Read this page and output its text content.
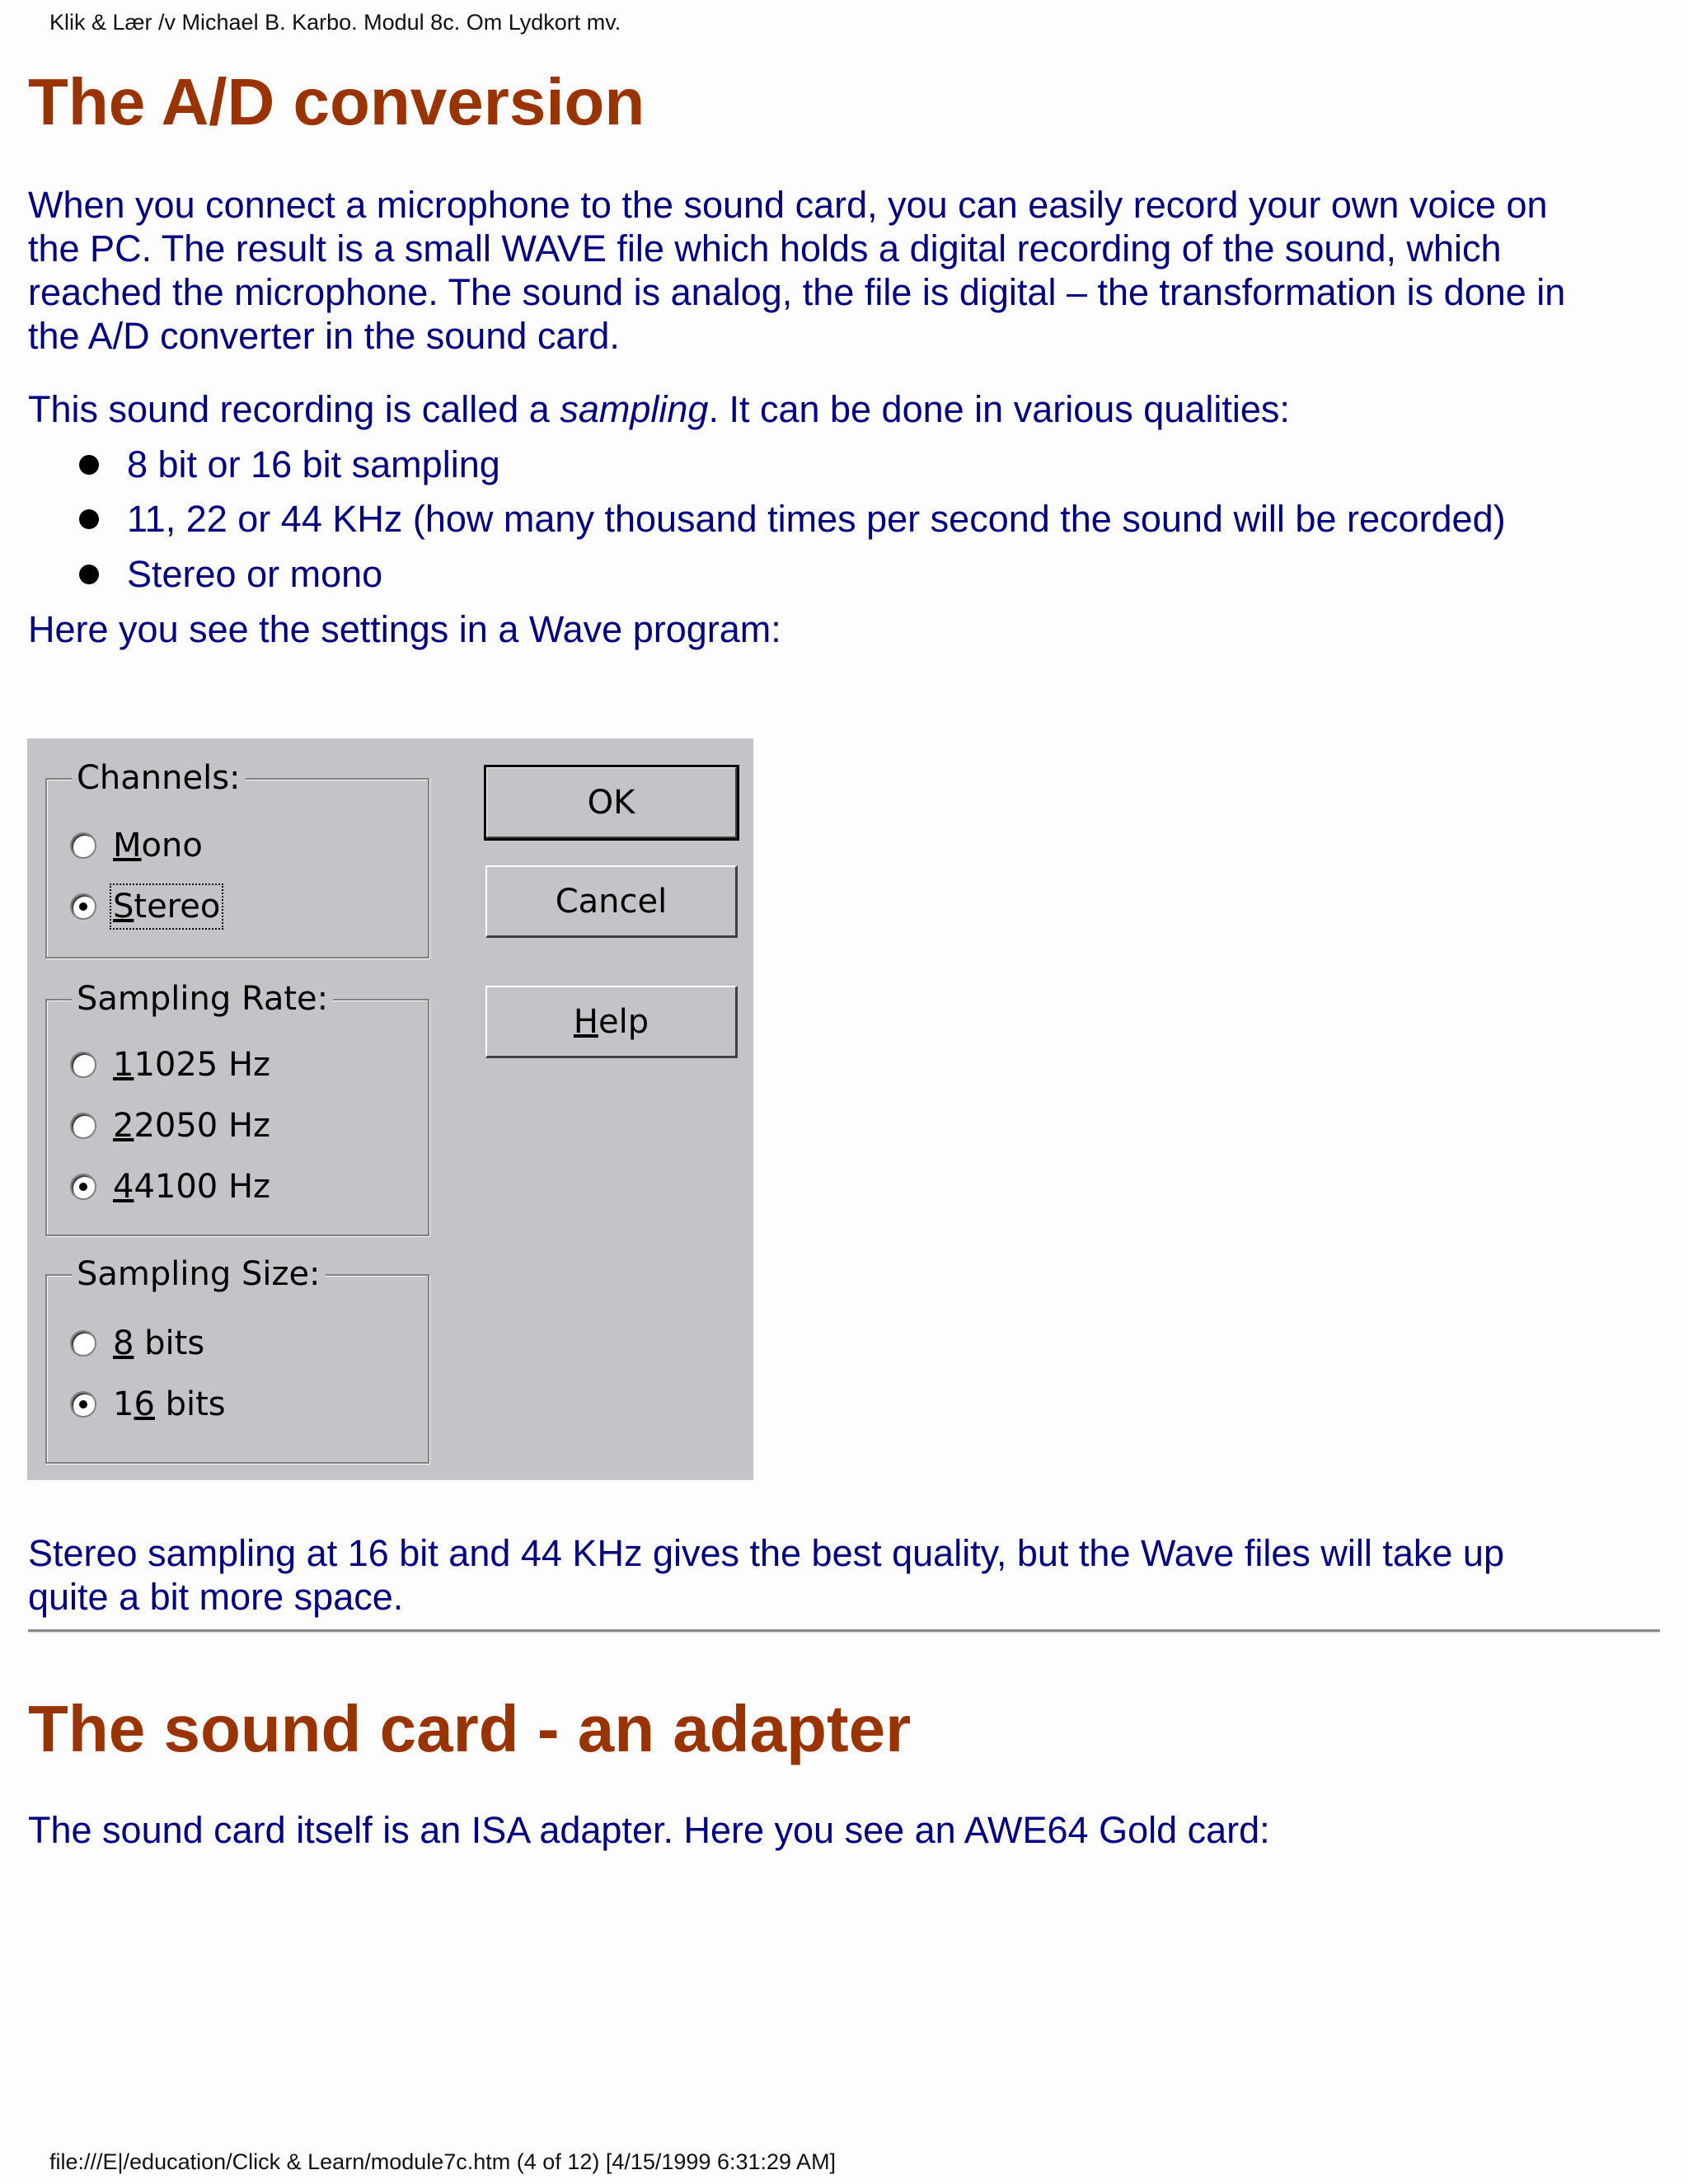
Klik & Lær /v Michael B. Karbo. Modul 8c. Om Lydkort mv.
The A/D conversion
When you connect a microphone to the sound card, you can easily record your own voice on
the PC. The result is a small WAVE file which holds a digital recording of the sound, which
reached the microphone. The sound is analog, the file is digital – the transformation is done in
the A/D converter in the sound card.
This sound recording is called a sampling. It can be done in various qualities:
8 bit or 16 bit sampling
11, 22 or 44 KHz (how many thousand times per second the sound will be recorded)
Stereo or mono
Here you see the settings in a Wave program:
Channels:
Mono
Stereo
Sampling Rate:
11025 Hz
22050 Hz
44100 Hz
Sampling Size:
8 bits
16 bits
OK
Cancel
Help
Stereo sampling at 16 bit and 44 KHz gives the best quality, but the Wave files will take up
quite a bit more space.
The sound card - an adapter
The sound card itself is an ISA adapter. Here you see an AWE64 Gold card:
file:///E|/education/Click & Learn/module7c.htm (4 of 12) [4/15/1999 6:31:29 AM]
